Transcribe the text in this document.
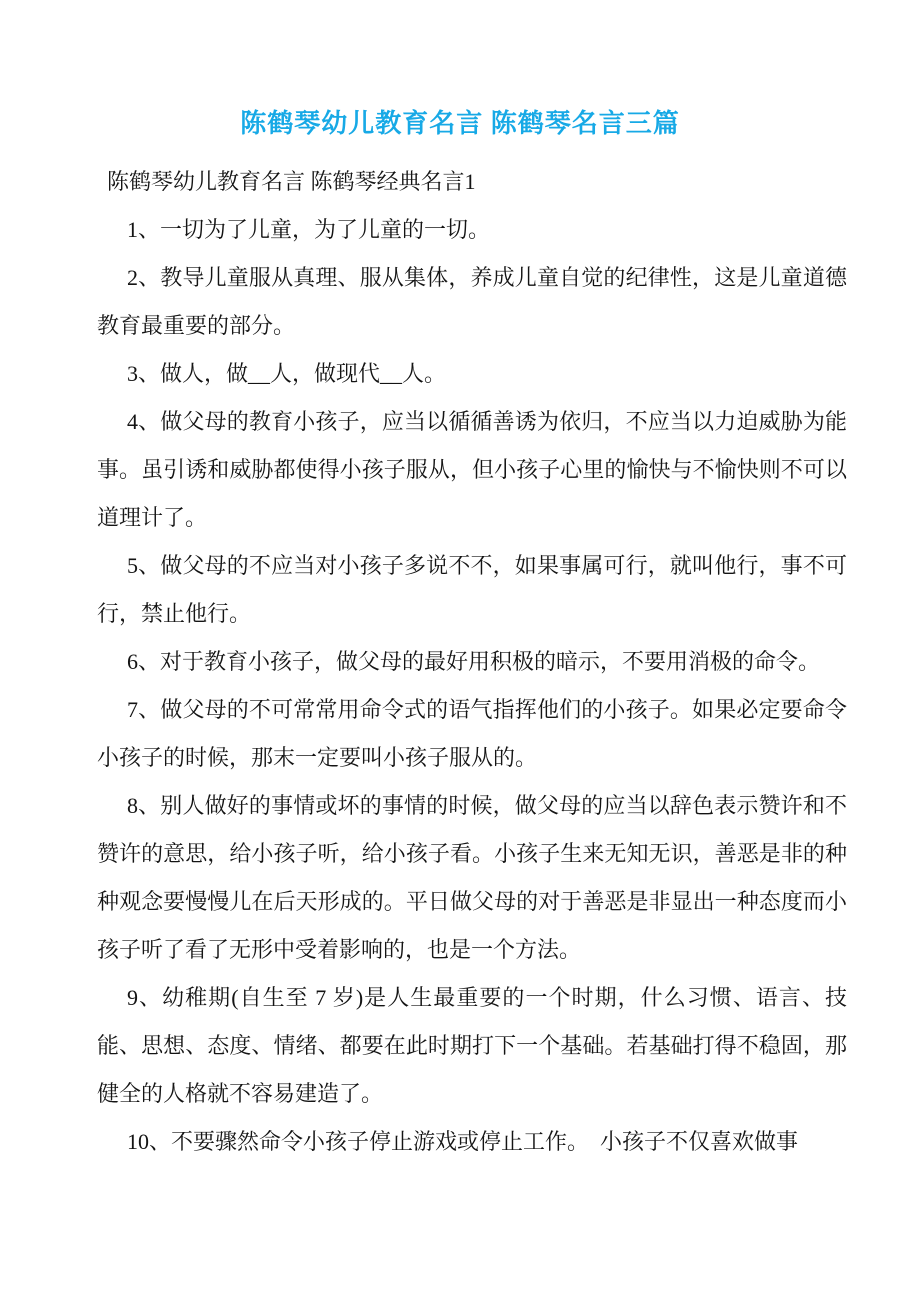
陈鹤琴幼儿教育名言 陈鹤琴名言三篇

陈鹤琴幼儿教育名言 陈鹤琴经典名言1

1、一切为了儿童，为了儿童的一切。

2、教导儿童服从真理、服从集体，养成儿童自觉的纪律性，这是儿童道德教育最重要的部分。

3、做人，做__人，做现代__人。

4、做父母的教育小孩子，应当以循循善诱为依归，不应当以力迫威胁为能事。虽引诱和威胁都使得小孩子服从，但小孩子心里的愉快与不愉快则不可以道理计了。

5、做父母的不应当对小孩子多说不不，如果事属可行，就叫他行，事不可行，禁止他行。

6、对于教育小孩子，做父母的最好用积极的暗示，不要用消极的命令。

7、做父母的不可常常用命令式的语气指挥他们的小孩子。如果必定要命令小孩子的时候，那末一定要叫小孩子服从的。

8、别人做好的事情或坏的事情的时候，做父母的应当以辞色表示赞许和不赞许的意思，给小孩子听，给小孩子看。小孩子生来无知无识，善恶是非的种种观念要慢慢儿在后天形成的。平日做父母的对于善恶是非显出一种态度而小孩子听了看了无形中受着影响的，也是一个方法。

9、幼稚期(自生至 7 岁)是人生最重要的一个时期，什么习惯、语言、技能、思想、态度、情绪、都要在此时期打下一个基础。若基础打得不稳固，那健全的人格就不容易建造了。

10、不要骤然命令小孩子停止游戏或停止工作。　小孩子不仅喜欢做事
